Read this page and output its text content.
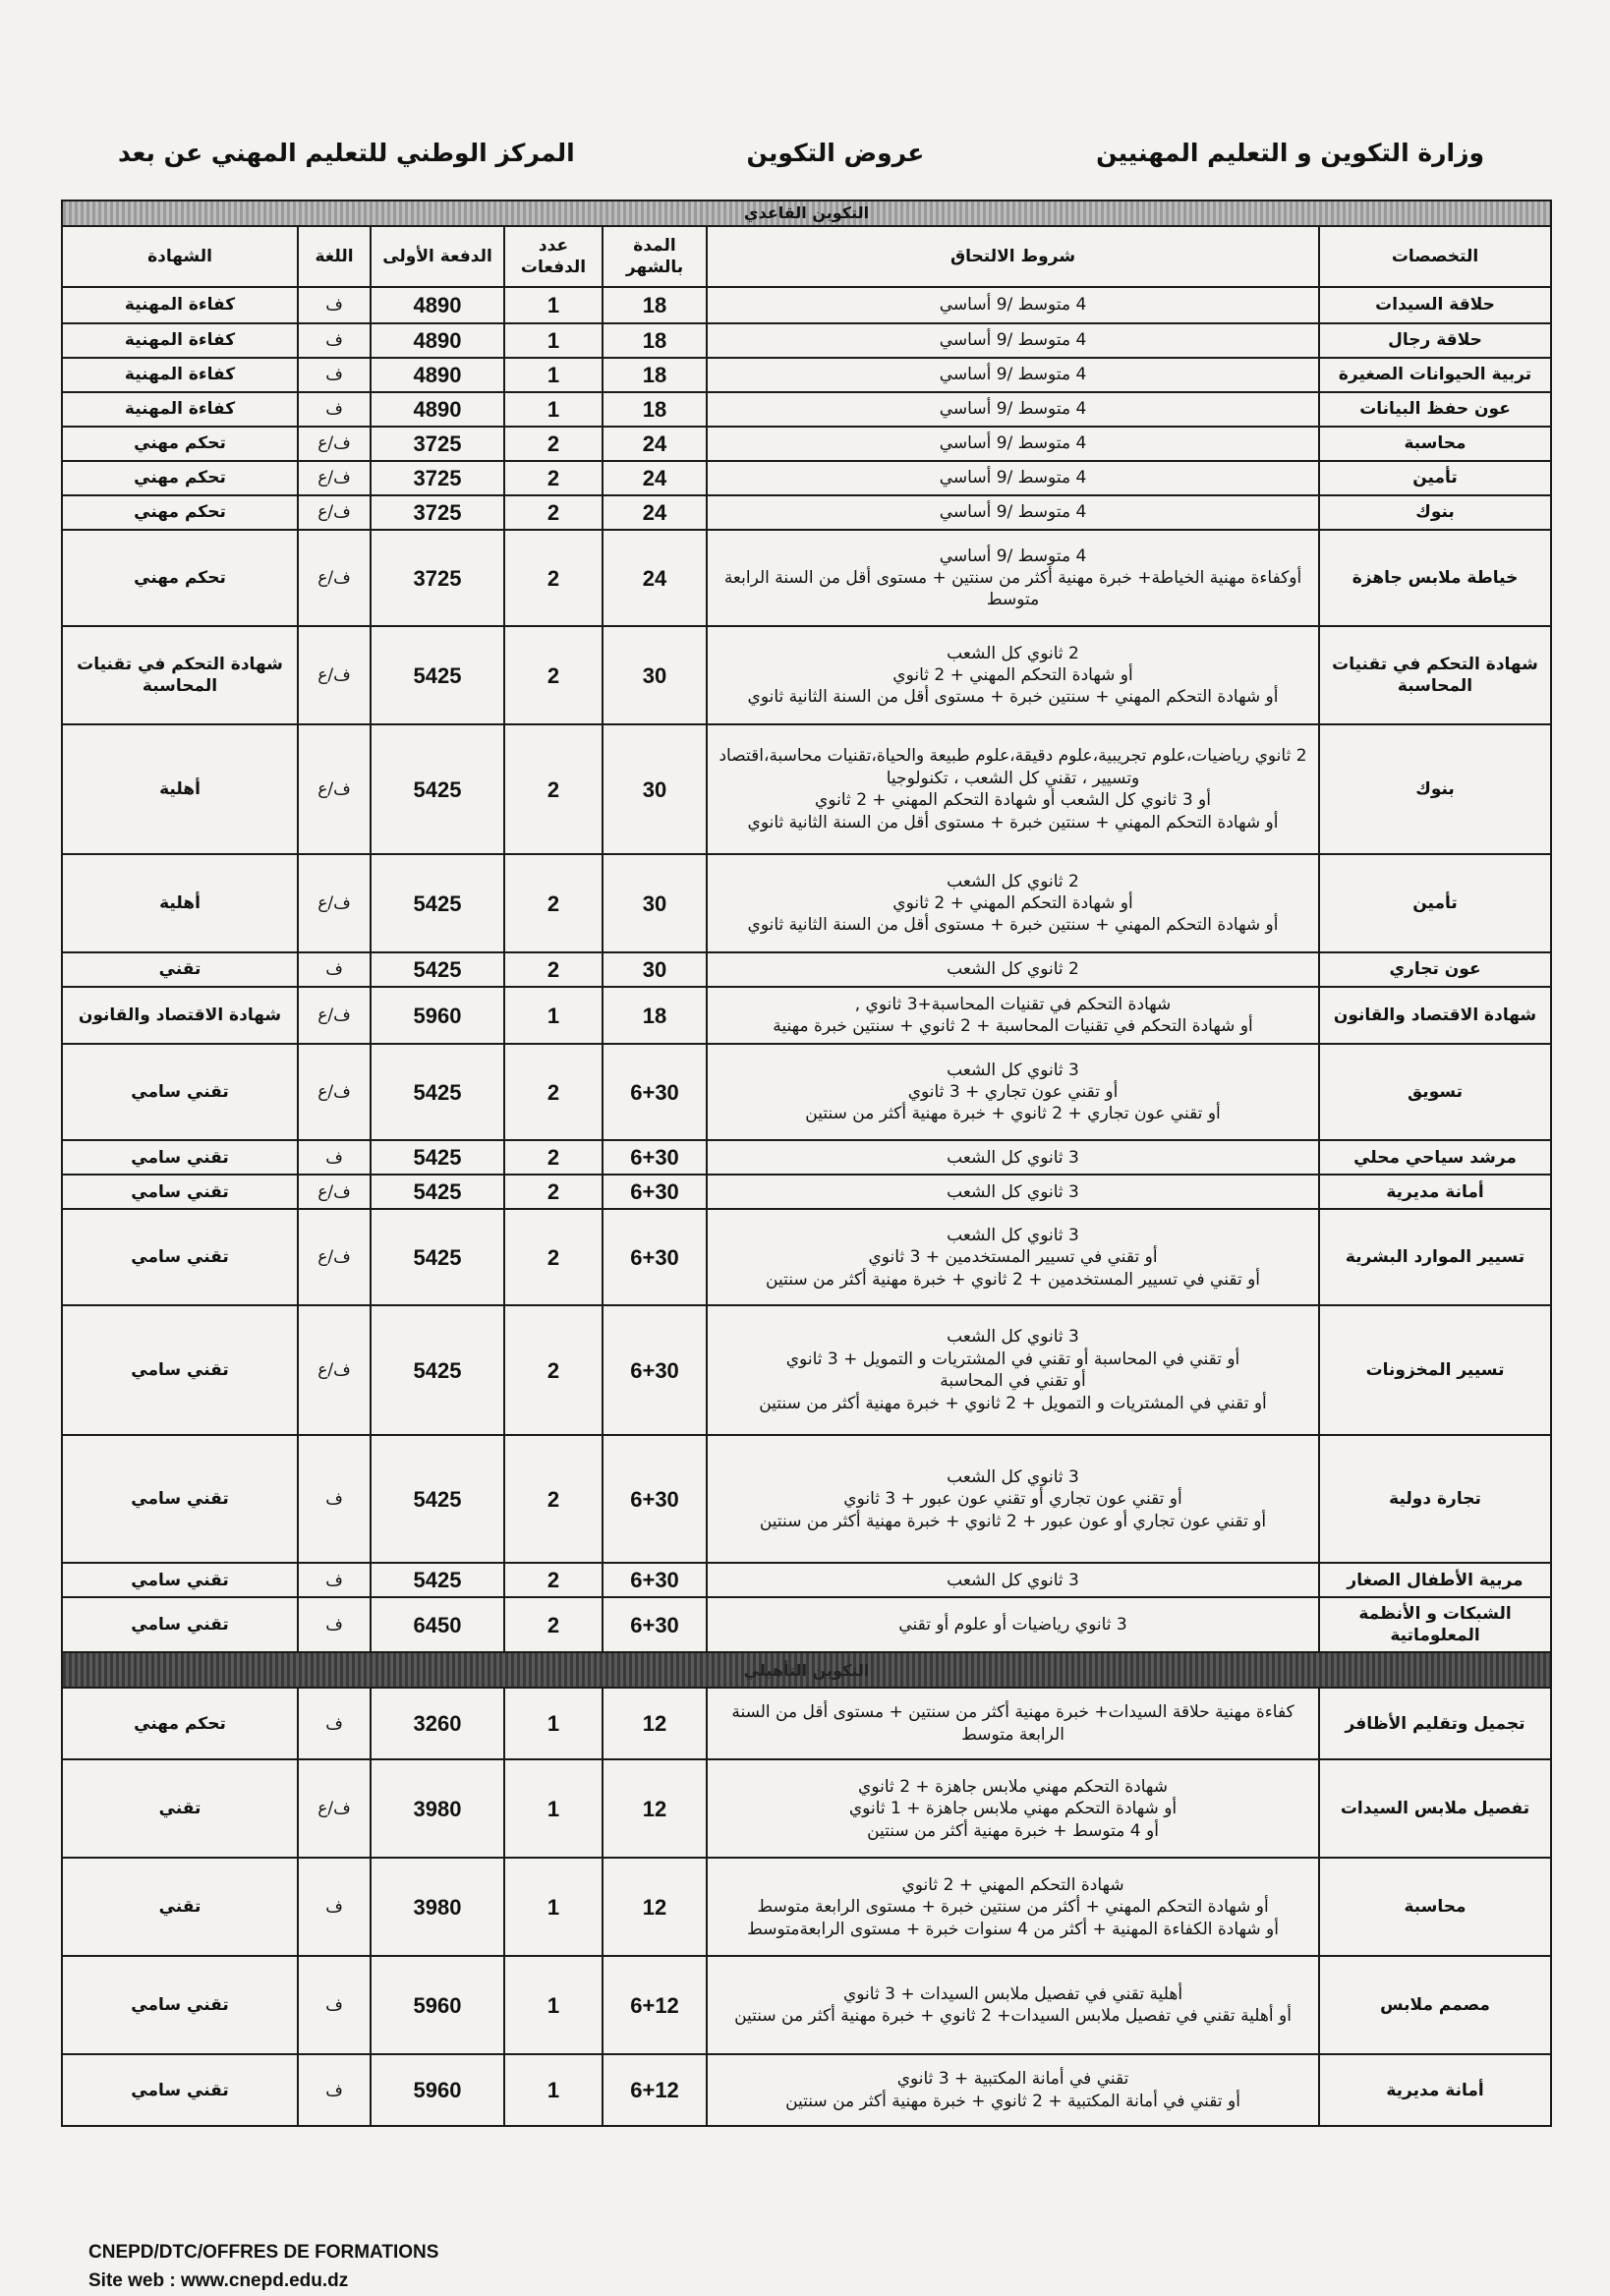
وزارة التكوين و التعليم المهنيين
عروض التكوين
المركز الوطني للتعليم المهني عن بعد
التكوين القاعدي						
التخصصات	شروط الالتحاق	المدة بالشهر	عدد الدفعات	الدفعة الأولى	اللغة	الشهادة
حلاقة السيدات	4 متوسط /9 أساسي	18	1	4890	ف	كفاءة المهنية
حلاقة رجال	4 متوسط /9 أساسي	18	1	4890	ف	كفاءة المهنية
تربية الحيوانات الصغيرة	4 متوسط /9 أساسي	18	1	4890	ف	كفاءة المهنية
عون حفظ البيانات	4 متوسط /9 أساسي	18	1	4890	ف	كفاءة المهنية
محاسبة	4 متوسط /9 أساسي	24	2	3725	ف/ع	تحكم مهني
تأمين	4 متوسط /9 أساسي	24	2	3725	ف/ع	تحكم مهني
بنوك	4 متوسط /9 أساسي	24	2	3725	ف/ع	تحكم مهني
خياطة ملابس جاهزة	4 متوسط /9 أساسي
أوكفاءة مهنية الخياطة+ خبرة مهنية أكثر من سنتين + مستوى أقل من السنة الرابعة متوسط	24	2	3725	ف/ع	تحكم مهني
شهادة التحكم في تقنيات المحاسبة	2 ثانوي كل الشعب
أو شهادة التحكم المهني + 2 ثانوي
أو شهادة التحكم المهني + سنتين خبرة + مستوى أقل من السنة الثانية ثانوي	30	2	5425	ف/ع	شهادة التحكم في تقنيات المحاسبة
بنوك	2 ثانوي رياضيات،علوم تجريبية،علوم دقيقة،علوم طبيعة والحياة،تقنيات محاسبة،اقتصاد وتسيير ، تقني كل الشعب ، تكنولوجيا
أو 3 ثانوي كل الشعب أو شهادة التحكم المهني + 2 ثانوي
أو شهادة التحكم المهني + سنتين خبرة + مستوى أقل من السنة الثانية ثانوي	30	2	5425	ف/ع	أهلية
تأمين	2 ثانوي كل الشعب
أو شهادة التحكم المهني + 2 ثانوي
أو شهادة التحكم المهني + سنتين خبرة + مستوى أقل من السنة الثانية ثانوي	30	2	5425	ف/ع	أهلية
عون تجاري	2 ثانوي كل الشعب	30	2	5425	ف	تقني
شهادة الاقتصاد والقانون	شهادة التحكم في تقنيات المحاسبة+3 ثانوي ,
أو شهادة التحكم في تقنيات المحاسبة + 2 ثانوي + سنتين خبرة مهنية	18	1	5960	ف/ع	شهادة الاقتصاد والقانون
تسويق	3 ثانوي كل الشعب
أو تقني عون تجاري + 3 ثانوي
أو تقني عون تجاري + 2 ثانوي + خبرة مهنية أكثر من سنتين	6+30	2	5425	ف/ع	تقني سامي
مرشد سياحي محلي	3 ثانوي كل الشعب	6+30	2	5425	ف	تقني سامي
أمانة مديرية	3 ثانوي كل الشعب	6+30	2	5425	ف/ع	تقني سامي
تسيير الموارد البشرية	3 ثانوي كل الشعب
أو تقني في تسيير المستخدمين + 3 ثانوي
أو تقني في تسيير المستخدمين + 2 ثانوي + خبرة مهنية أكثر من سنتين	6+30	2	5425	ف/ع	تقني سامي
تسيير المخزونات	3 ثانوي كل الشعب
أو تقني في المحاسبة أو تقني في المشتريات و التمويل + 3 ثانوي
أو تقني في المحاسبة
أو تقني في المشتريات و التمويل + 2 ثانوي + خبرة مهنية أكثر من سنتين	6+30	2	5425	ف/ع	تقني سامي
تجارة دولية	3 ثانوي كل الشعب
أو تقني عون تجاري أو تقني عون عبور + 3 ثانوي
أو تقني عون تجاري أو عون عبور + 2 ثانوي + خبرة مهنية أكثر من سنتين	6+30	2	5425	ف	تقني سامي
مربية الأطفال الصغار	3 ثانوي كل الشعب	6+30	2	5425	ف	تقني سامي
الشبكات و الأنظمة المعلوماتية	3 ثانوي رياضيات أو علوم أو تقني	6+30	2	6450	ف	تقني سامي
التكوين التأهيلي						
تجميل وتقليم الأظافر	كفاءة مهنية حلاقة السيدات+ خبرة مهنية أكثر من سنتين + مستوى أقل من السنة الرابعة متوسط	12	1	3260	ف	تحكم مهني
تفصيل ملابس السيدات	شهادة التحكم مهني ملابس جاهزة + 2 ثانوي
أو شهادة التحكم مهني ملابس جاهزة + 1 ثانوي
أو 4 متوسط + خبرة مهنية أكثر من سنتين	12	1	3980	ف/ع	تقني
محاسبة	شهادة التحكم المهني + 2 ثانوي
أو شهادة التحكم المهني + أكثر من سنتين خبرة + مستوى الرابعة متوسط
أو شهادة الكفاءة المهنية + أكثر من 4 سنوات خبرة + مستوى الرابعةمتوسط	12	1	3980	ف	تقني
مصمم ملابس	أهلية تقني في تفصيل ملابس السيدات + 3 ثانوي
أو أهلية تقني في تفصيل ملابس السيدات+ 2 ثانوي + خبرة مهنية أكثر من سنتين	6+12	1	5960	ف	تقني سامي
أمانة مديرية	تقني في أمانة المكتبية + 3 ثانوي
أو تقني في أمانة المكتبية + 2 ثانوي + خبرة مهنية أكثر من سنتين	6+12	1	5960	ف	تقني سامي
CNEPD/DTC/OFFRES DE FORMATIONS
Site web : www.cnepd.edu.dz
